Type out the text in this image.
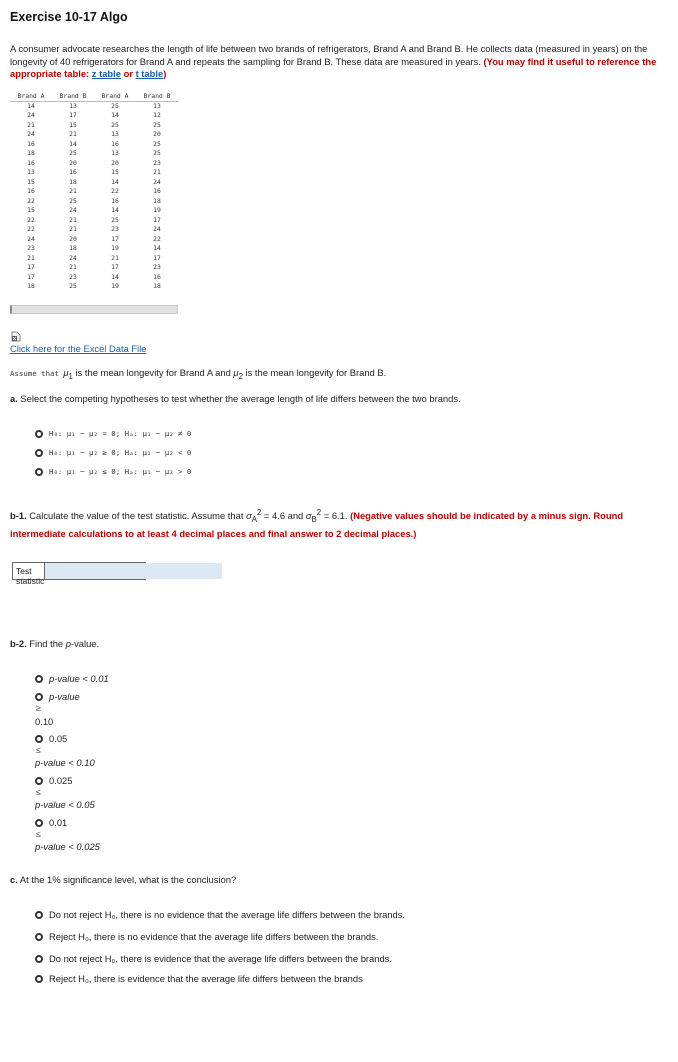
Exercise 10-17 Algo
A consumer advocate researches the length of life between two brands of refrigerators, Brand A and Brand B. He collects data (measured in years) on the longevity of 40 refrigerators for Brand A and repeats the sampling for Brand B. These data are measured in years. (You may find it useful to reference the appropriate table: z table or t table)
Brand A	Brand B	Brand A	Brand B
14	13	25	13
24	17	14	12
21	15	25	25
24	21	13	20
16	14	16	25
18	25	13	25
16	20	20	23
13	16	15	21
15	18	14	24
16	21	22	16
22	25	16	18
15	24	14	19
22	21	25	17
22	21	23	24
24	20	17	22
23	18	19	14
21	24	21	17
17	21	17	23
17	23	14	16
18	25	19	18
Click here for the Excel Data File
Assume that $\mu_1$ is the mean longevity for Brand A and $\mu_2$ is the mean longevity for Brand B.
a. Select the competing hypotheses to test whether the average length of life differs between the two brands.
H₀: μ₁ − μ₂ = 0; Hₐ: μ₁ − μ₂ ≠ 0
H₀: μ₁ − μ₂ ≥ 0; Hₐ: μ₁ − μ₂ < 0
H₀: μ₁ − μ₂ ≤ 0; Hₐ: μ₁ − μ₂ > 0
b-1. Calculate the value of the test statistic. Assume that $\sigma_A^2 = 4.6$ and $\sigma_B^2 = 6.1$. (Negative values should be indicated by a minus sign. Round intermediate calculations to at least 4 decimal places and final answer to 2 decimal places.)
Test statistic
b-2. Find the p-value.
p-value < 0.01
p-value
≥
0.10
0.05
≤
p-value < 0.10
0.025
≤
p-value < 0.05
0.01
≤
p-value < 0.025
c. At the 1% significance level, what is the conclusion?
Do not reject H₀, there is no evidence that the average life differs between the brands.
Reject H₀, there is no evidence that the average life differs between the brands.
Do not reject H₀, there is evidence that the average life differs between the brands.
Reject H₀, there is evidence that the average life differs between the brands
